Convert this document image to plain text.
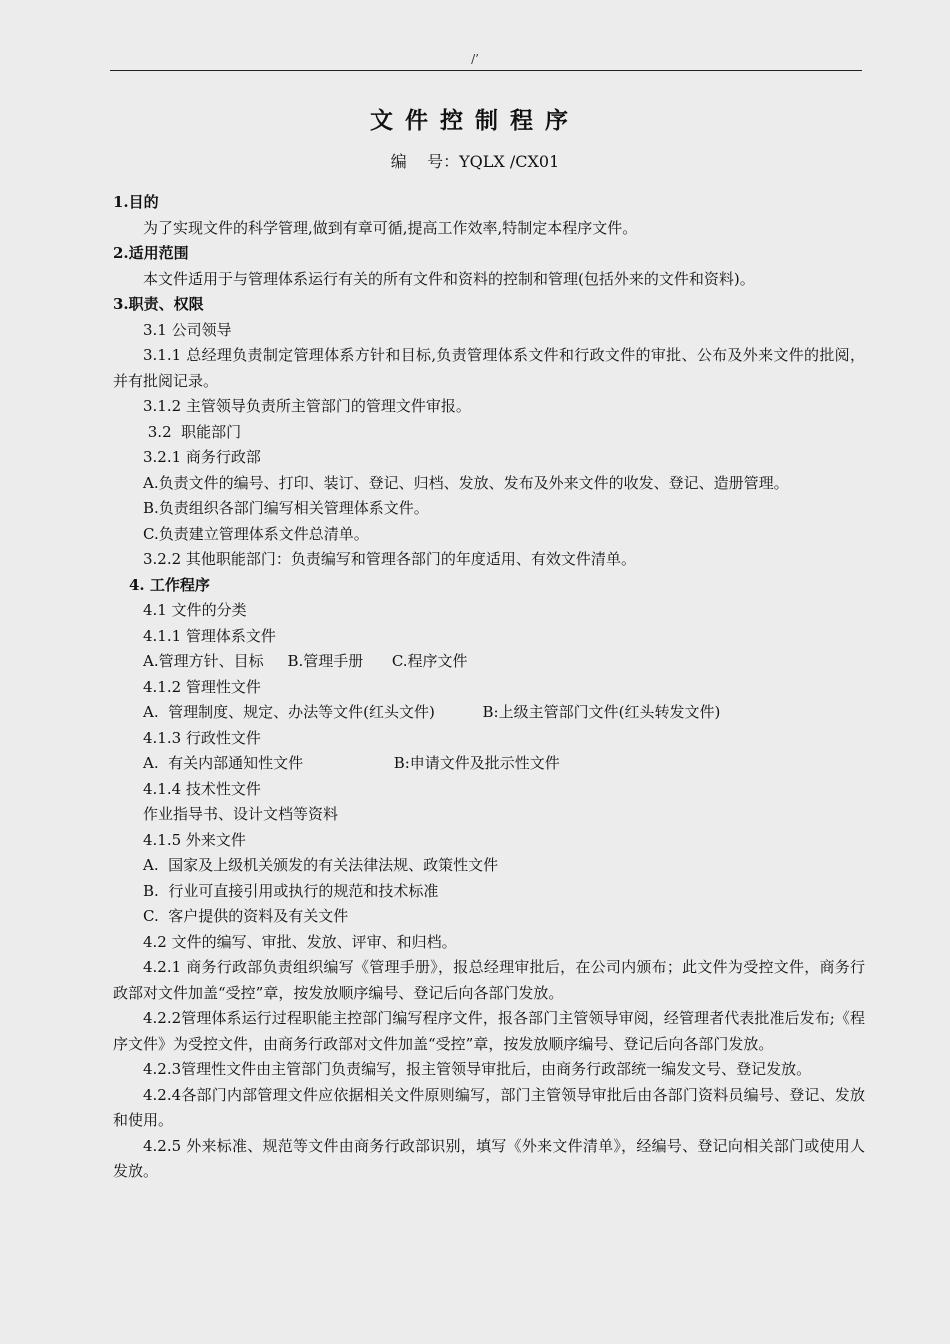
/’
文件控制程序
编    号：YQLX /CX01
1.目的
为了实现文件的科学管理,做到有章可循,提高工作效率,特制定本程序文件。
2.适用范围
本文件适用于与管理体系运行有关的所有文件和资料的控制和管理(包括外来的文件和资料)。
3.职责、权限
3.1 公司领导
3.1.1 总经理负责制定管理体系方针和目标,负责管理体系文件和行政文件的审批、公布及外来文件的批阅，并有批阅记录。
3.1.2 主管领导负责所主管部门的管理文件审报。
3.2  职能部门
3.2.1 商务行政部
A.负责文件的编号、打印、装订、登记、归档、发放、发布及外来文件的收发、登记、造册管理。
B.负责组织各部门编写相关管理体系文件。
C.负责建立管理体系文件总清单。
3.2.2 其他职能部门：负责编写和管理各部门的年度适用、有效文件清单。
4. 工作程序
4.1 文件的分类
4.1.1 管理体系文件
A.管理方针、目标     B.管理手册      C.程序文件
4.1.2 管理性文件
A.  管理制度、规定、办法等文件(红头文件)          B:上级主管部门文件(红头转发文件)
4.1.3 行政性文件
A.  有关内部通知性文件                   B:申请文件及批示性文件
4.1.4 技术性文件
作业指导书、设计文档等资料
4.1.5 外来文件
A.  国家及上级机关颁发的有关法律法规、政策性文件
B.  行业可直接引用或执行的规范和技术标准
C.  客户提供的资料及有关文件
4.2 文件的编写、审批、发放、评审、和归档。
4.2.1 商务行政部负责组织编写《管理手册》，报总经理审批后，在公司内颁布；此文件为受控文件，商务行政部对文件加盖“受控”章，按发放顺序编号、登记后向各部门发放。
4.2.2管理体系运行过程职能主控部门编写程序文件，报各部门主管领导审阅，经管理者代表批准后发布;《程序文件》为受控文件，由商务行政部对文件加盖“受控”章，按发放顺序编号、登记后向各部门发放。
4.2.3管理性文件由主管部门负责编写，报主管领导审批后，由商务行政部统一编发文号、登记发放。
4.2.4各部门内部管理文件应依据相关文件原则编写，部门主管领导审批后由各部门资料员编号、登记、发放和使用。
4.2.5 外来标准、规范等文件由商务行政部识别，填写《外来文件清单》，经编号、登记向相关部门或使用人发放。
